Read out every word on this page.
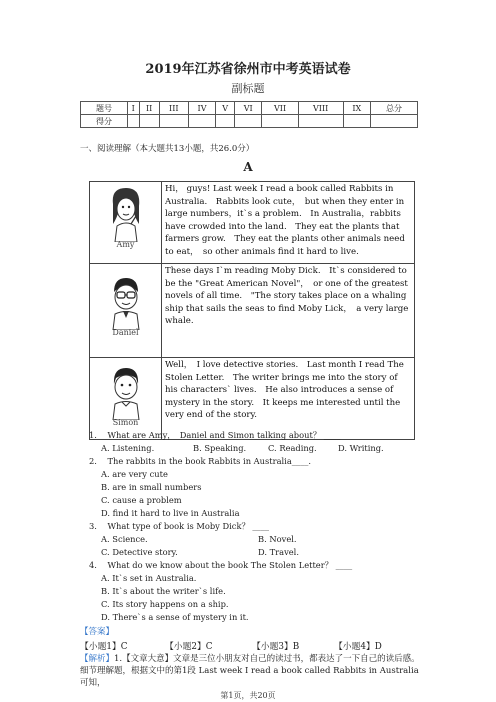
2019年江苏省徐州市中考英语试卷
副标题
题号	I	II	III	IV	V	VI	VII	VIII	IX	总分
得分										
一、阅读理解（本大题共13小题，共26.0分）
A
Amy	Hi， guys! Last week I read a book called Rabbits in Australia.　Rabbits look cute，　but when they enter in large numbers，it`s a problem.　In Australia，rabbits have crowded into the land.　They eat the plants that farmers grow.　They eat the plants other animals need to eat，　so other animals find it hard to live.

Daniel	These days I`m reading Moby Dick.　It`s considered to be the "Great American Novel"，　or one of the greatest novels of all time.　"The story takes place on a whaling ship that sails the seas to find Moby Lick，　a very large whale.

Simon	Well，　I love detective stories.　Last month I read The Stolen Letter.　The writer brings me into the story of his characters` lives.　He also introduces a sense of mystery in the story.　It keeps me interested until the very end of the story.
1. What are Amy，　Daniel and Simon talking about？ ____
A. Listening.	B. Speaking.	C. Reading.	D. Writing.
2. The rabbits in the book Rabbits in Australia____.
A. are very cute
B. are in small numbers
C. cause a problem
D. find it hard to live in Australia
3. What type of book is Moby Dick？ ____
A. Science.	B. Novel.
C. Detective story.	D. Travel.
4. What do we know about the book The Stolen Letter？ ____
A. It`s set in Australia.
B. It`s about the writer`s life.
C. Its story happens on a ship.
D. There`s a sense of mystery in it.
【答案】
【小题1】C	【小题2】C	【小题3】B	【小题4】D
【解析】1.【文章大意】文章是三位小朋友对自己的读过书，都表达了一下自己的读后感。
细节理解题，根据文中的第1段 Last week I read a book called Rabbits in Australia 可知，
第1页，共20页
